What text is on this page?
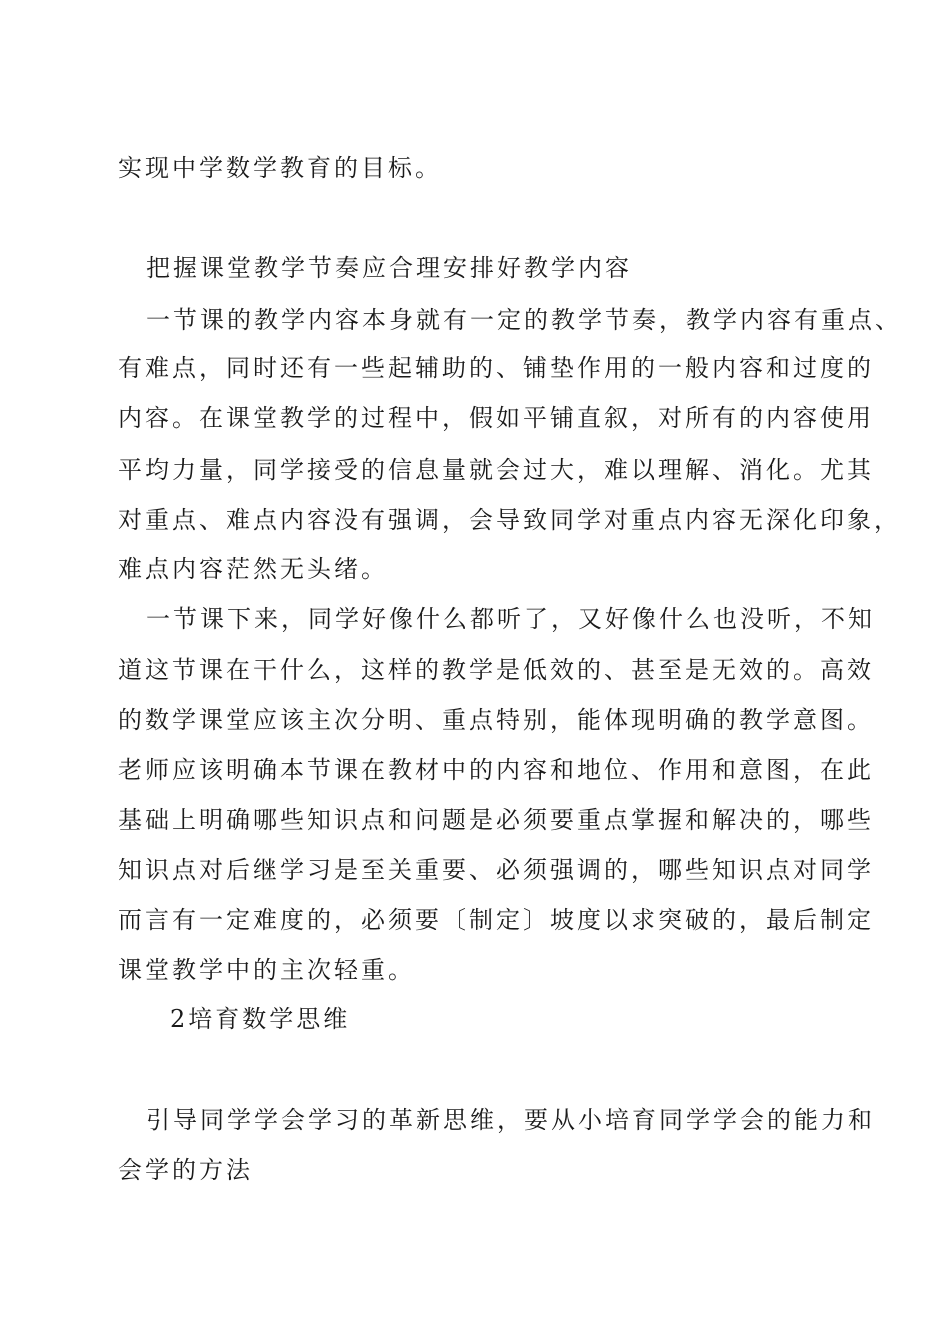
实现中学数学教育的目标。

把握课堂教学节奏应合理安排好教学内容

一节课的教学内容本身就有一定的教学节奏，教学内容有重点、

有难点，同时还有一些起辅助的、铺垫作用的一般内容和过度的

内容。在课堂教学的过程中，假如平铺直叙，对所有的内容使用

平均力量，同学接受的信息量就会过大，难以理解、消化。尤其

对重点、难点内容没有强调，会导致同学对重点内容无深化印象，

难点内容茫然无头绪。

一节课下来，同学好像什么都听了，又好像什么也没听，不知

道这节课在干什么，这样的教学是低效的、甚至是无效的。高效

的数学课堂应该主次分明、重点特别，能体现明确的教学意图。

老师应该明确本节课在教材中的内容和地位、作用和意图，在此

基础上明确哪些知识点和问题是必须要重点掌握和解决的，哪些

知识点对后继学习是至关重要、必须强调的，哪些知识点对同学

而言有一定难度的，必须要〔制定〕坡度以求突破的，最后制定

课堂教学中的主次轻重。

2培育数学思维

引导同学学会学习的革新思维，要从小培育同学学会的能力和

会学的方法
